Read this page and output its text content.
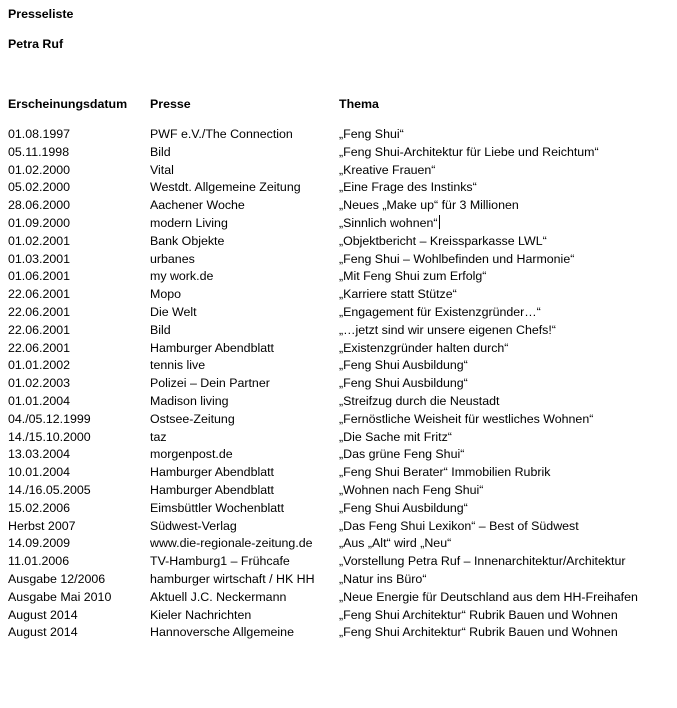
Presseliste
Petra Ruf
Erscheinungsdatum Presse	Thema
01.08.1997	PWF e.V./The Connection	„Feng Shui“
05.11.1998	Bild	„Feng Shui-Architektur für Liebe und Reichtum“
01.02.2000	Vital	„Kreative Frauen“
05.02.2000	Westdt. Allgemeine Zeitung	„Eine Frage des Instinks“
28.06.2000	Aachener Woche	„Neues „Make up“ für 3 Millionen
01.09.2000	modern Living	„Sinnlich wohnen“
01.02.2001	Bank Objekte	„Objektbericht – Kreissparkasse LWL“
01.03.2001	urbanes	„Feng Shui – Wohlbefinden und Harmonie“
01.06.2001	my work.de	„Mit Feng Shui zum Erfolg“
22.06.2001	Mopo	„Karriere statt Stütze“
22.06.2001	Die Welt	„Engagement für Existenzgründer…“
22.06.2001	Bild	„…jetzt sind wir unsere eigenen Chefs!“
22.06.2001	Hamburger Abendblatt	„Existenzgründer halten durch“
01.01.2002	tennis live	„Feng Shui Ausbildung“
01.02.2003	Polizei – Dein Partner	„Feng Shui Ausbildung“
01.01.2004	Madison living	„Streifzug durch die Neustadt
04./05.12.1999	Ostsee-Zeitung	„Fernöstliche Weisheit für westliches Wohnen“
14./15.10.2000	taz	„Die Sache mit Fritz“
13.03.2004	morgenpost.de	„Das grüne Feng Shui“
10.01.2004	Hamburger Abendblatt	„Feng Shui Berater“ Immobilien Rubrik
14./16.05.2005	Hamburger Abendblatt	„Wohnen nach Feng Shui“
15.02.2006	Eimsbüttler Wochenblatt	„Feng Shui Ausbildung“
Herbst 2007	Südwest-Verlag	„Das Feng Shui Lexikon“ – Best of Südwest
14.09.2009	www.die-regionale-zeitung.de „Aus „Alt“ wird „Neu“
11.01.2006	TV-Hamburg1 – Frühcafe	„Vorstellung Petra Ruf – Innenarchitektur/Architektur
Ausgabe 12/2006	hamburger wirtschaft / HK HH „Natur ins Büro“
Ausgabe Mai 2010	Aktuell J.C. Neckermann	„Neue Energie für Deutschland aus dem HH-Freihafen
August 2014	Kieler Nachrichten	„Feng Shui Architektur“ Rubrik Bauen und Wohnen
August 2014	Hannoversche Allgemeine	„Feng Shui Architektur“ Rubrik Bauen und Wohnen
